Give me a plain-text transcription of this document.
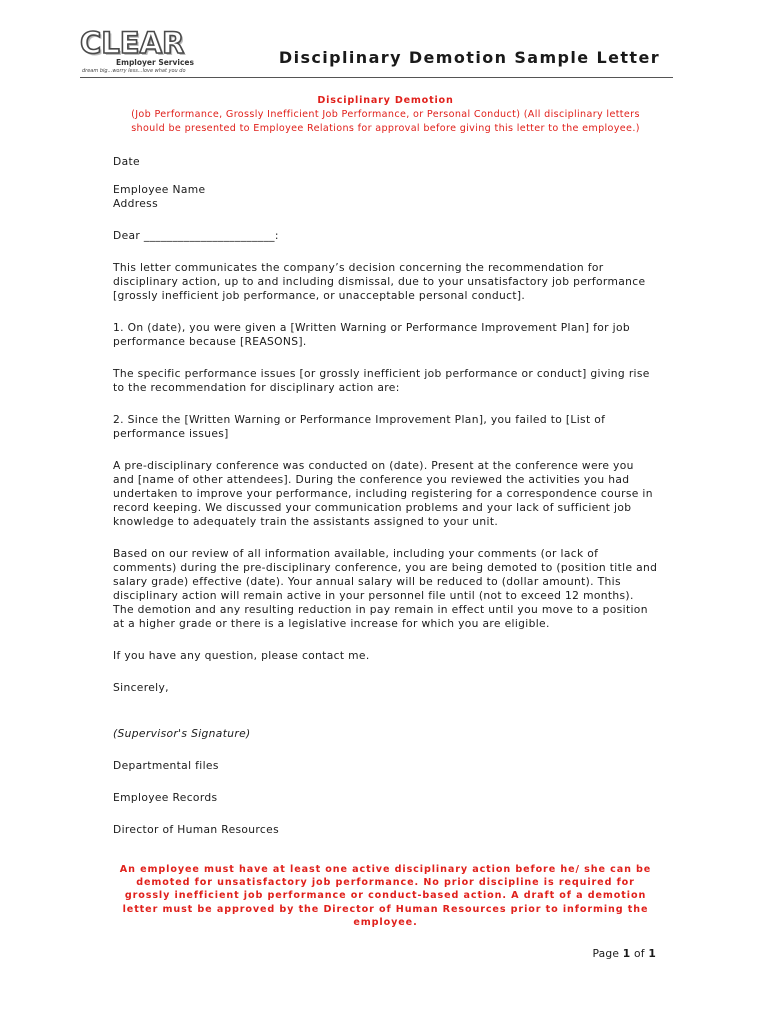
CLEAR
Employer Services
dream big...worry less...love what you do
Disciplinary Demotion Sample Letter

Disciplinary Demotion

(Job Performance, Grossly Inefficient Job Performance, or Personal Conduct) (All disciplinary letters should be presented to Employee Relations for approval before giving this letter to the employee.)

Date

Employee Name

Address

Dear _______________________:

This letter communicates the company’s decision concerning the recommendation for disciplinary action, up to and including dismissal, due to your unsatisfactory job performance [grossly inefficient job performance, or unacceptable personal conduct].

1. On (date), you were given a [Written Warning or Performance Improvement Plan] for job performance because [REASONS].

The specific performance issues [or grossly inefficient job performance or conduct] giving rise to the recommendation for disciplinary action are:

2. Since the [Written Warning or Performance Improvement Plan], you failed to [List of performance issues]

A pre-disciplinary conference was conducted on (date). Present at the conference were you and [name of other attendees]. During the conference you reviewed the activities you had undertaken to improve your performance, including registering for a correspondence course in record keeping. We discussed your communication problems and your lack of sufficient job knowledge to adequately train the assistants assigned to your unit.

Based on our review of all information available, including your comments (or lack of comments) during the pre-disciplinary conference, you are being demoted to (position title and salary grade) effective (date). Your annual salary will be reduced to (dollar amount). This disciplinary action will remain active in your personnel file until (not to exceed 12 months). The demotion and any resulting reduction in pay remain in effect until you move to a position at a higher grade or there is a legislative increase for which you are eligible.

If you have any question, please contact me.

Sincerely,

(Supervisor's Signature)

Departmental files

Employee Records

Director of Human Resources

An employee must have at least one active disciplinary action before he/ she can be demoted for unsatisfactory job performance. No prior discipline is required for grossly inefficient job performance or conduct-based action. A draft of a demotion letter must be approved by the Director of Human Resources prior to informing the employee.

Page 1 of 1
